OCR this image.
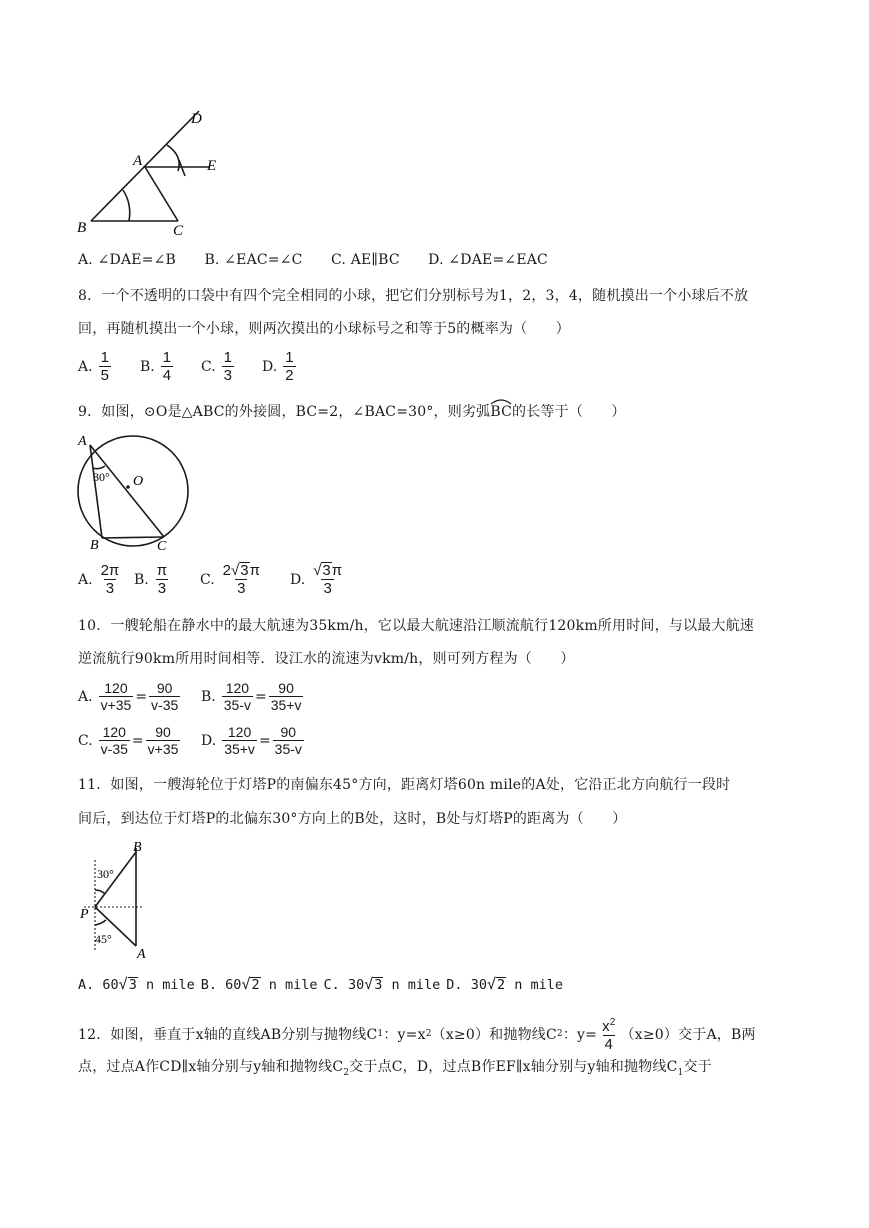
D
A	E
B	C
A. ∠DAE=∠B　　B. ∠EAC=∠C　　C. AE∥BC　　D. ∠DAE=∠EAC
8．一个不透明的口袋中有四个完全相同的小球，把它们分别标号为1，2，3，4，随机摸出一个小球后不放
回，再随机摸出一个小球，则两次摸出的小球标号之和等于5的概率为（　　）
A.
1
5
B.
1
4
C.
1
3
D.
1
2
9．如图，⊙O是△ABC的外接圆，BC=2，∠BAC=30°，则劣弧
BC的长等于（　　）
A
30° O
B	C
A.
2π
3
B.
π
3
C.
2√3π
3
D.
√3π
3
10．一艘轮船在静水中的最大航速为35km/h，它以最大航速沿江顺流航行120km所用时间，与以最大航速
逆流航行90km所用时间相等．设江水的流速为vkm/h，则可列方程为（　　）
A. $\frac{120}{v+35} = \frac{90}{v-35} B$. $\frac{120}{35-v} = \frac{90}{35+v}$
C. $\frac{120}{v-35} = \frac{90}{v+35} D$. $\frac{120}{35+v} = \frac{90}{35-v}$
11．如图，一艘海轮位于灯塔P的南偏东45°方向，距离灯塔60n mile的A处，它沿正北方向航行一段时
间后，到达位于灯塔P的北偏东30°方向上的B处，这时，B处与灯塔P的距离为（　　）
B
30°
P
45°
A
A. 60√3 n mile B. 60√2 n mile C. 30√3 n mile D. 30√2 n mile
12．如图，垂直于x轴的直线AB分别与抛物线C 1 ：y=x 2 （x≥0）和抛物线C 2 ：$y= \frac{x^2}{4} (x\ge 0)$交于A，B两
点，过点A作CD∥x轴分别与y轴和抛物线$C_2$交于点C，D，过点B作EF∥x轴分别与y轴和抛物线$C_1$交于
